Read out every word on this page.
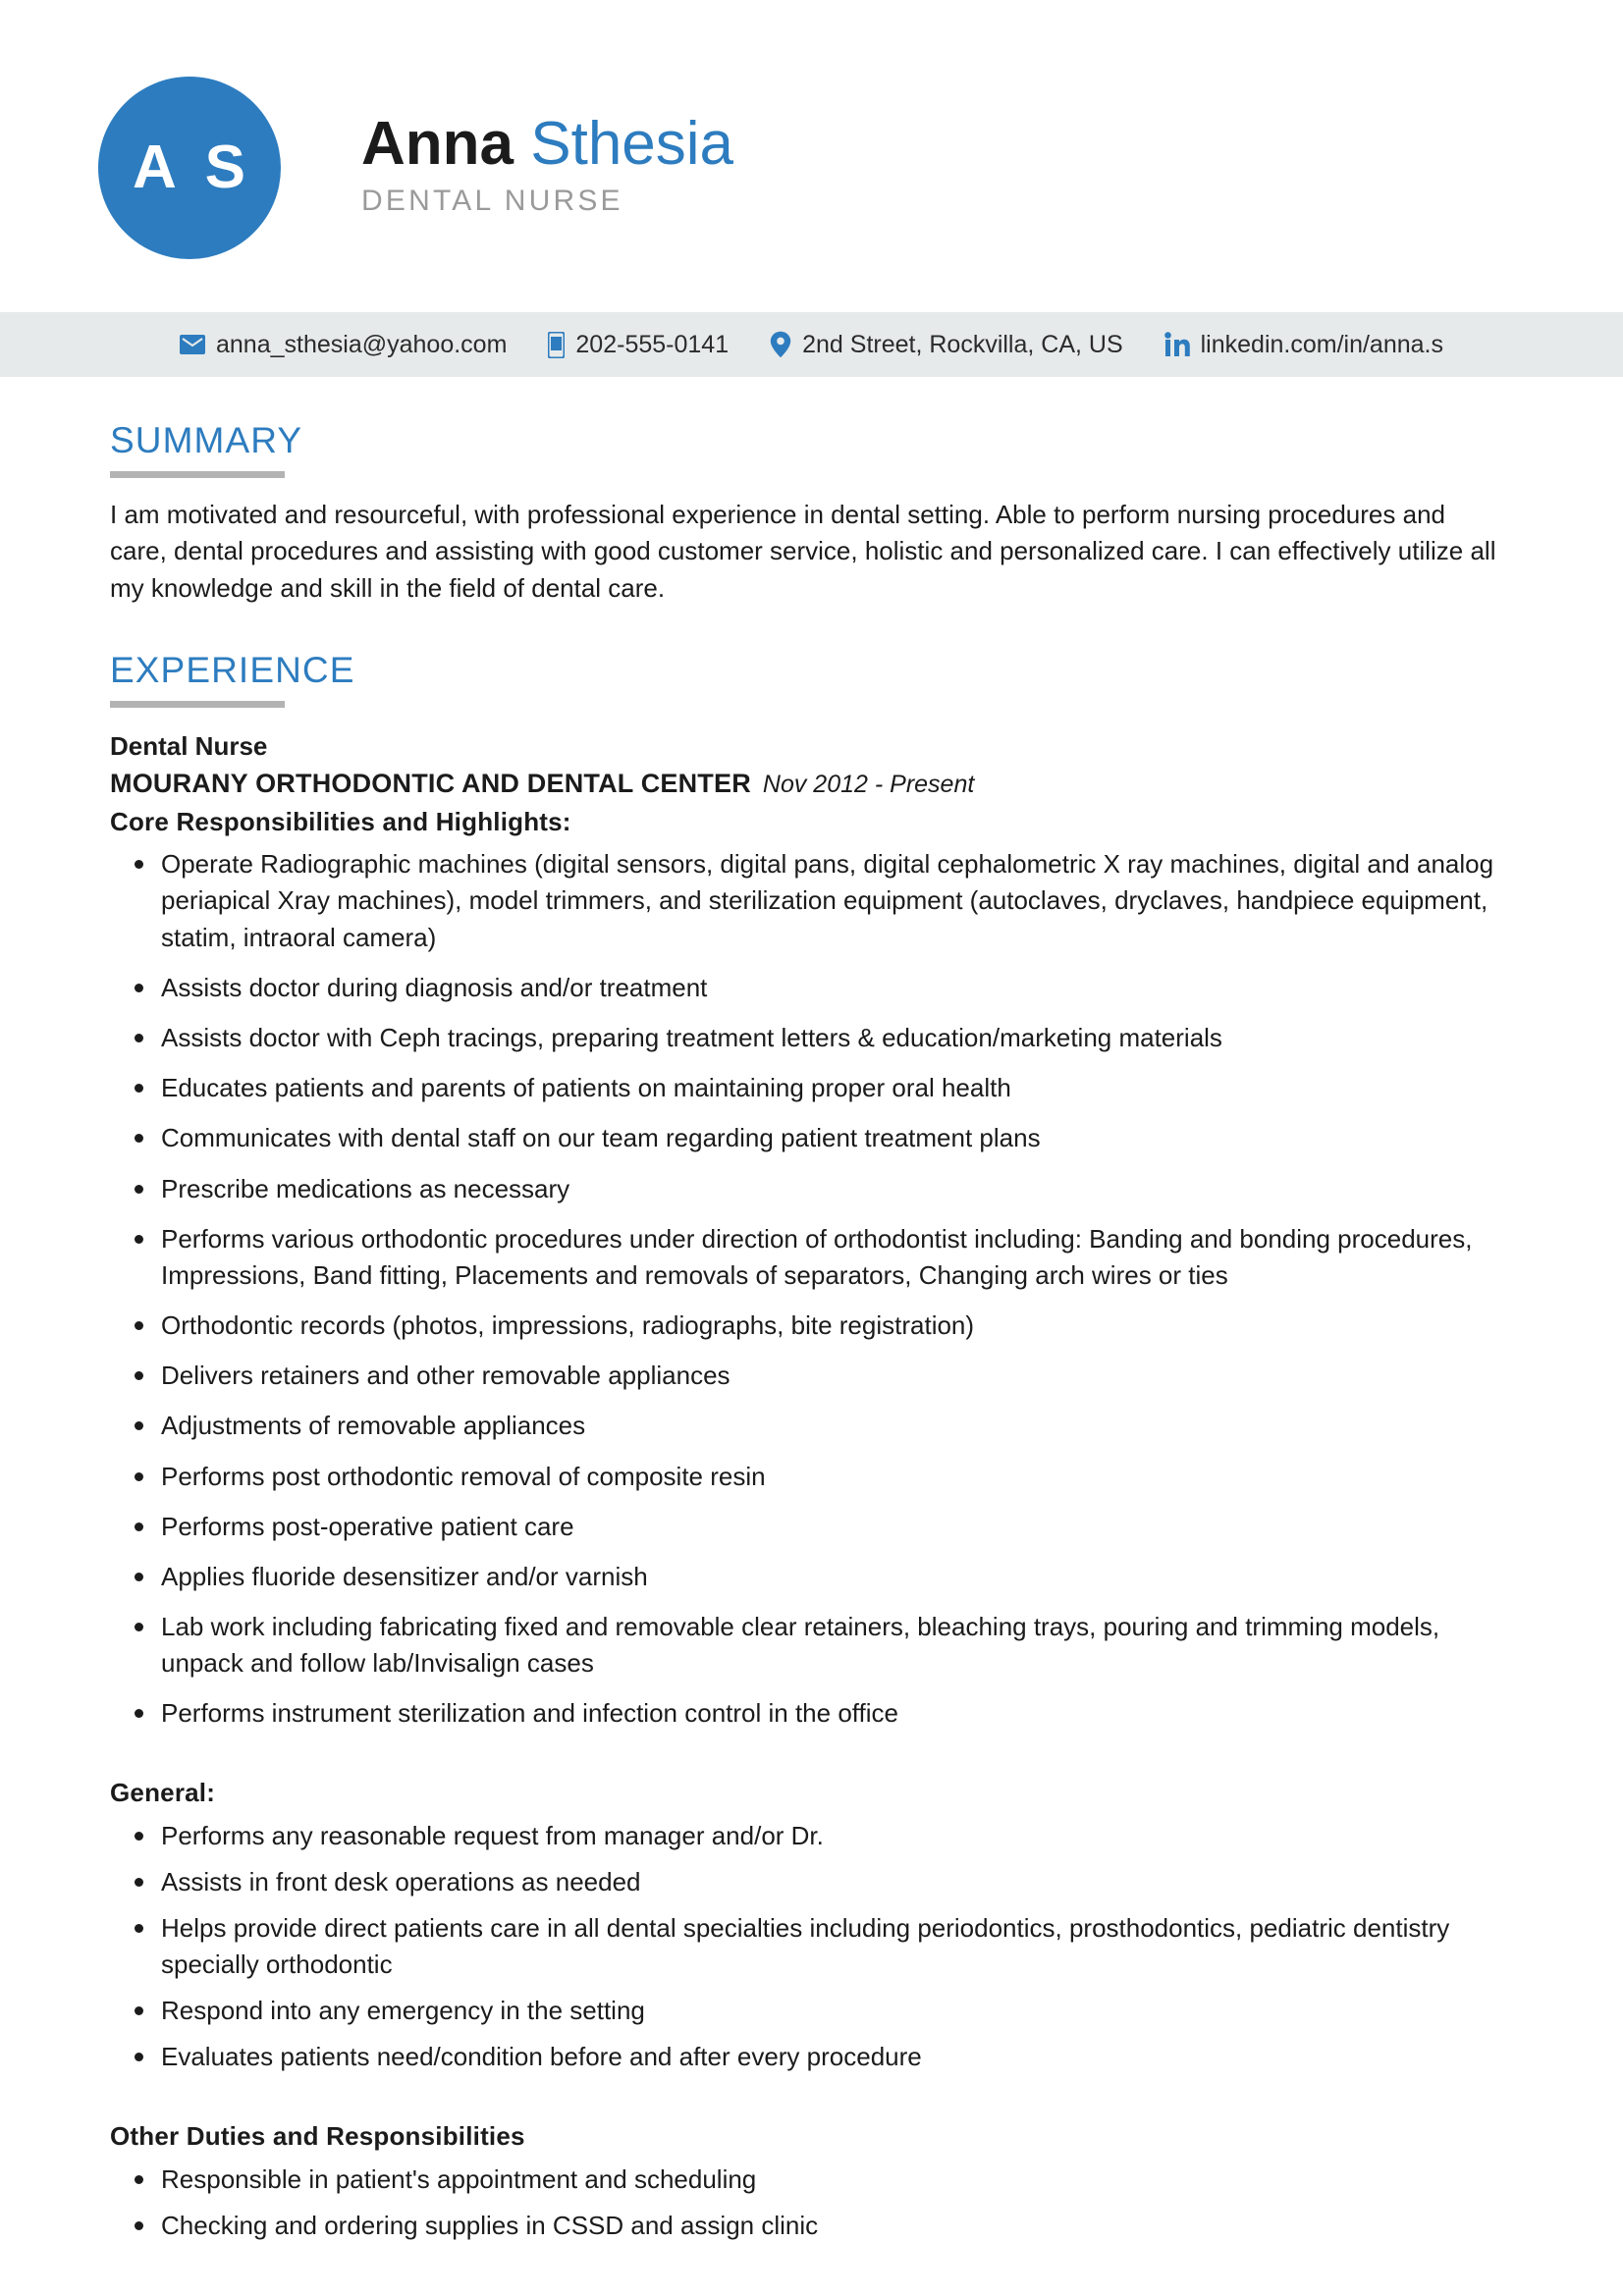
A S Anna Sthesia
DENTAL NURSE
anna_sthesia@yahoo.com	202-555-0141	2nd Street, Rockvilla, CA, US	linkedin.com/in/anna.s
SUMMARY
I am motivated and resourceful, with professional experience in dental setting. Able to perform nursing procedures and care, dental procedures and assisting with good customer service, holistic and personalized care. I can effectively utilize all my knowledge and skill in the field of dental care.
EXPERIENCE
Dental Nurse
MOURANY ORTHODONTIC AND DENTAL CENTER Nov 2012 - Present
Core Responsibilities and Highlights:
Operate Radiographic machines (digital sensors, digital pans, digital cephalometric X ray machines, digital and analog periapical Xray machines), model trimmers, and sterilization equipment (autoclaves, dryclaves, handpiece equipment, statim, intraoral camera)
Assists doctor during diagnosis and/or treatment
Assists doctor with Ceph tracings, preparing treatment letters & education/marketing materials
Educates patients and parents of patients on maintaining proper oral health
Communicates with dental staff on our team regarding patient treatment plans
Prescribe medications as necessary
Performs various orthodontic procedures under direction of orthodontist including: Banding and bonding procedures, Impressions, Band fitting, Placements and removals of separators, Changing arch wires or ties
Orthodontic records (photos, impressions, radiographs, bite registration)
Delivers retainers and other removable appliances
Adjustments of removable appliances
Performs post orthodontic removal of composite resin
Performs post-operative patient care
Applies fluoride desensitizer and/or varnish
Lab work including fabricating fixed and removable clear retainers, bleaching trays, pouring and trimming models, unpack and follow lab/Invisalign cases
Performs instrument sterilization and infection control in the office
General:
Performs any reasonable request from manager and/or Dr.
Assists in front desk operations as needed
Helps provide direct patients care in all dental specialties including periodontics, prosthodontics, pediatric dentistry specially orthodontic
Respond into any emergency in the setting
Evaluates patients need/condition before and after every procedure
Other Duties and Responsibilities
Responsible in patient's appointment and scheduling
Checking and ordering supplies in CSSD and assign clinic
